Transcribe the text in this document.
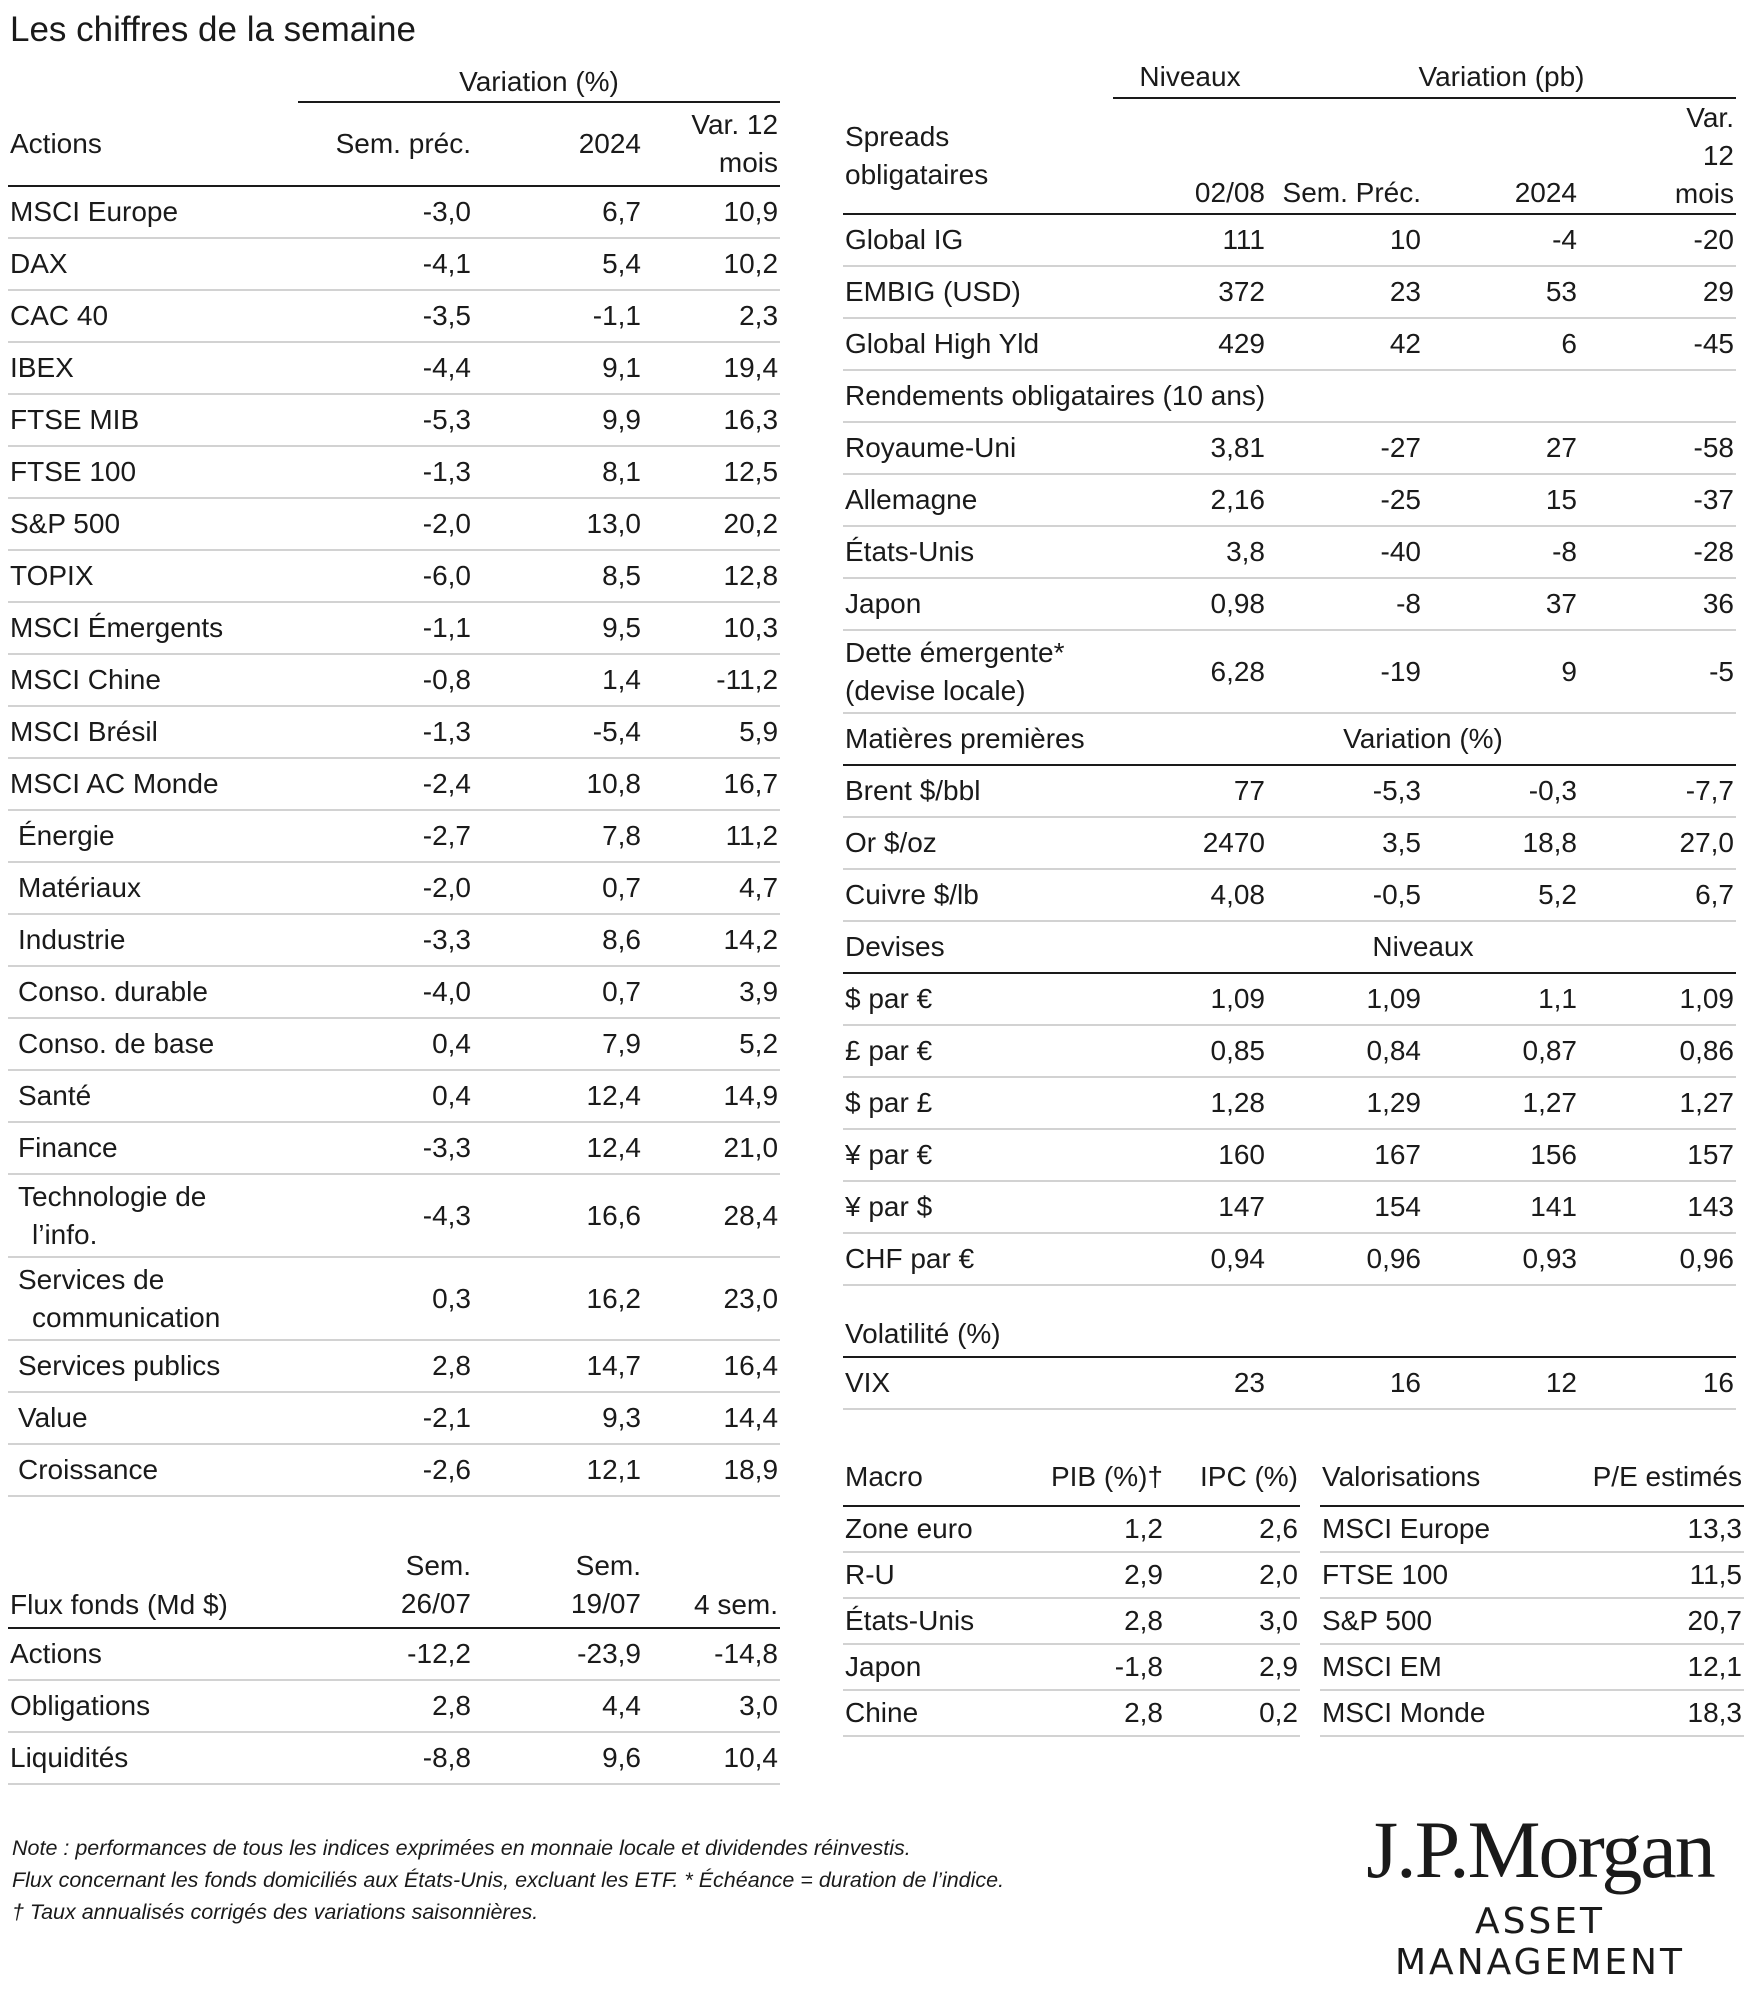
Les chiffres de la semaine
	Variation (%)		
Actions	Sem. préc.	2024	Var. 12 mois
MSCI Europe	-3,0	6,7	10,9
DAX	-4,1	5,4	10,2
CAC 40	-3,5	-1,1	2,3
IBEX	-4,4	9,1	19,4
FTSE MIB	-5,3	9,9	16,3
FTSE 100	-1,3	8,1	12,5
S&P 500	-2,0	13,0	20,2
TOPIX	-6,0	8,5	12,8
MSCI Émergents	-1,1	9,5	10,3
MSCI Chine	-0,8	1,4	-11,2
MSCI Brésil	-1,3	-5,4	5,9
MSCI AC Monde	-2,4	10,8	16,7
Énergie	-2,7	7,8	11,2
Matériaux	-2,0	0,7	4,7
Industrie	-3,3	8,6	14,2
Conso. durable	-4,0	0,7	3,9
Conso. de base	0,4	7,9	5,2
Santé	0,4	12,4	14,9
Finance	-3,3	12,4	21,0

Technologie de
l’info.	-4,3	16,6	28,4

Services de
communication	0,3	16,2	23,0
Services publics	2,8	14,7	16,4
Value	-2,1	9,3	14,4
Croissance	-2,6	12,1	18,9
Flux fonds (Md $)	Sem. 26/07	Sem. 19/07	4 sem.
Actions	-12,2	-23,9	-14,8
Obligations	2,8	4,4	3,0
Liquidités	-8,8	9,6	10,4
	Niveaux	Variation (pb)		
Spreads obligataires	02/08	Sem. Préc.	2024	Var. 12 mois
Global IG	111	10	-4	-20
EMBIG (USD)	372	23	53	29
Global High Yld	429	42	6	-45
Rendements obligataires (10 ans)				
Royaume-Uni	3,81	-27	27	-58
Allemagne	2,16	-25	15	-37
États-Unis	3,8	-40	-8	-28
Japon	0,98	-8	37	36

Dette émergente*
(devise locale)	6,28	-19	9	-5
Matières premières		Variation (%)		
Brent $/bbl	77	-5,3	-0,3	-7,7
Or $/oz	2470	3,5	18,8	27,0
Cuivre $/lb	4,08	-0,5	5,2	6,7
Devises		Niveaux		
$ par €	1,09	1,09	1,1	1,09
£ par €	0,85	0,84	0,87	0,86
$ par £	1,28	1,29	1,27	1,27
¥ par €	160	167	156	157
¥ par $	147	154	141	143
CHF par €	0,94	0,96	0,93	0,96
Volatilité (%)				
VIX	23	16	12	16
Macro	PIB (%)†	IPC (%)
Zone euro	1,2	2,6
R-U	2,9	2,0
États-Unis	2,8	3,0
Japon	-1,8	2,9
Chine	2,8	0,2
Valorisations	P/E estimés
MSCI Europe	13,3
FTSE 100	11,5
S&P 500	20,7
MSCI EM	12,1
MSCI Monde	18,3
Note : performances de tous les indices exprimées en monnaie locale et dividendes réinvestis.
Flux concernant les fonds domiciliés aux États-Unis, excluant les ETF. * Échéance = duration de l’indice.
† Taux annualisés corrigés des variations saisonnières.
J.P.Morgan
ASSET MANAGEMENT
